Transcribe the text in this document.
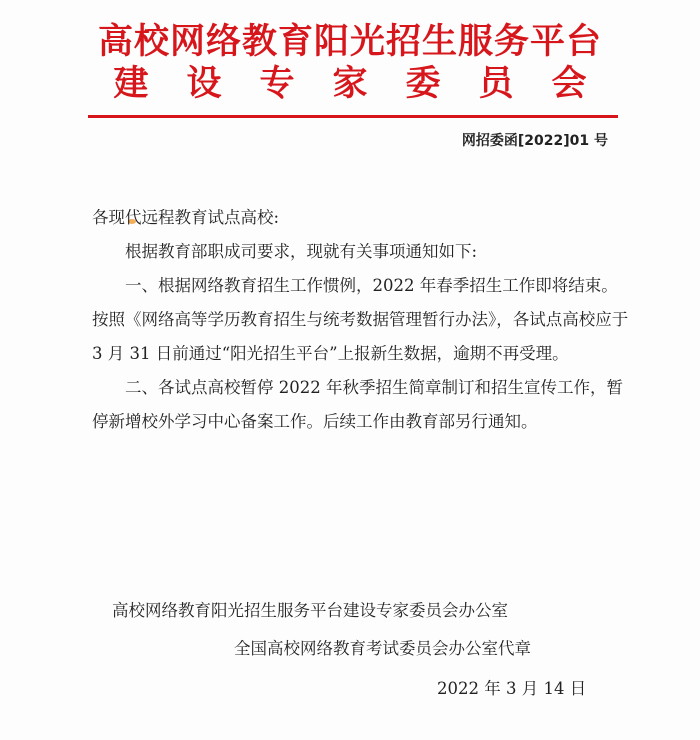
高校网络教育阳光招生服务平台
建设专家委员会
网招委函[2022]01 号

各现代远程教育试点高校:

根据教育部职成司要求，现就有关事项通知如下:

一、根据网络教育招生工作惯例，2022 年春季招生工作即将结束。按照《网络高等学历教育招生与统考数据管理暂行办法》，各试点高校应于 3 月 31 日前通过“阳光招生平台”上报新生数据，逾期不再受理。

二、各试点高校暂停 2022 年秋季招生简章制订和招生宣传工作，暂停新增校外学习中心备案工作。后续工作由教育部另行通知。

高校网络教育阳光招生服务平台建设专家委员会办公室
全国高校网络教育考试委员会办公室代章
2022 年 3 月 14 日
